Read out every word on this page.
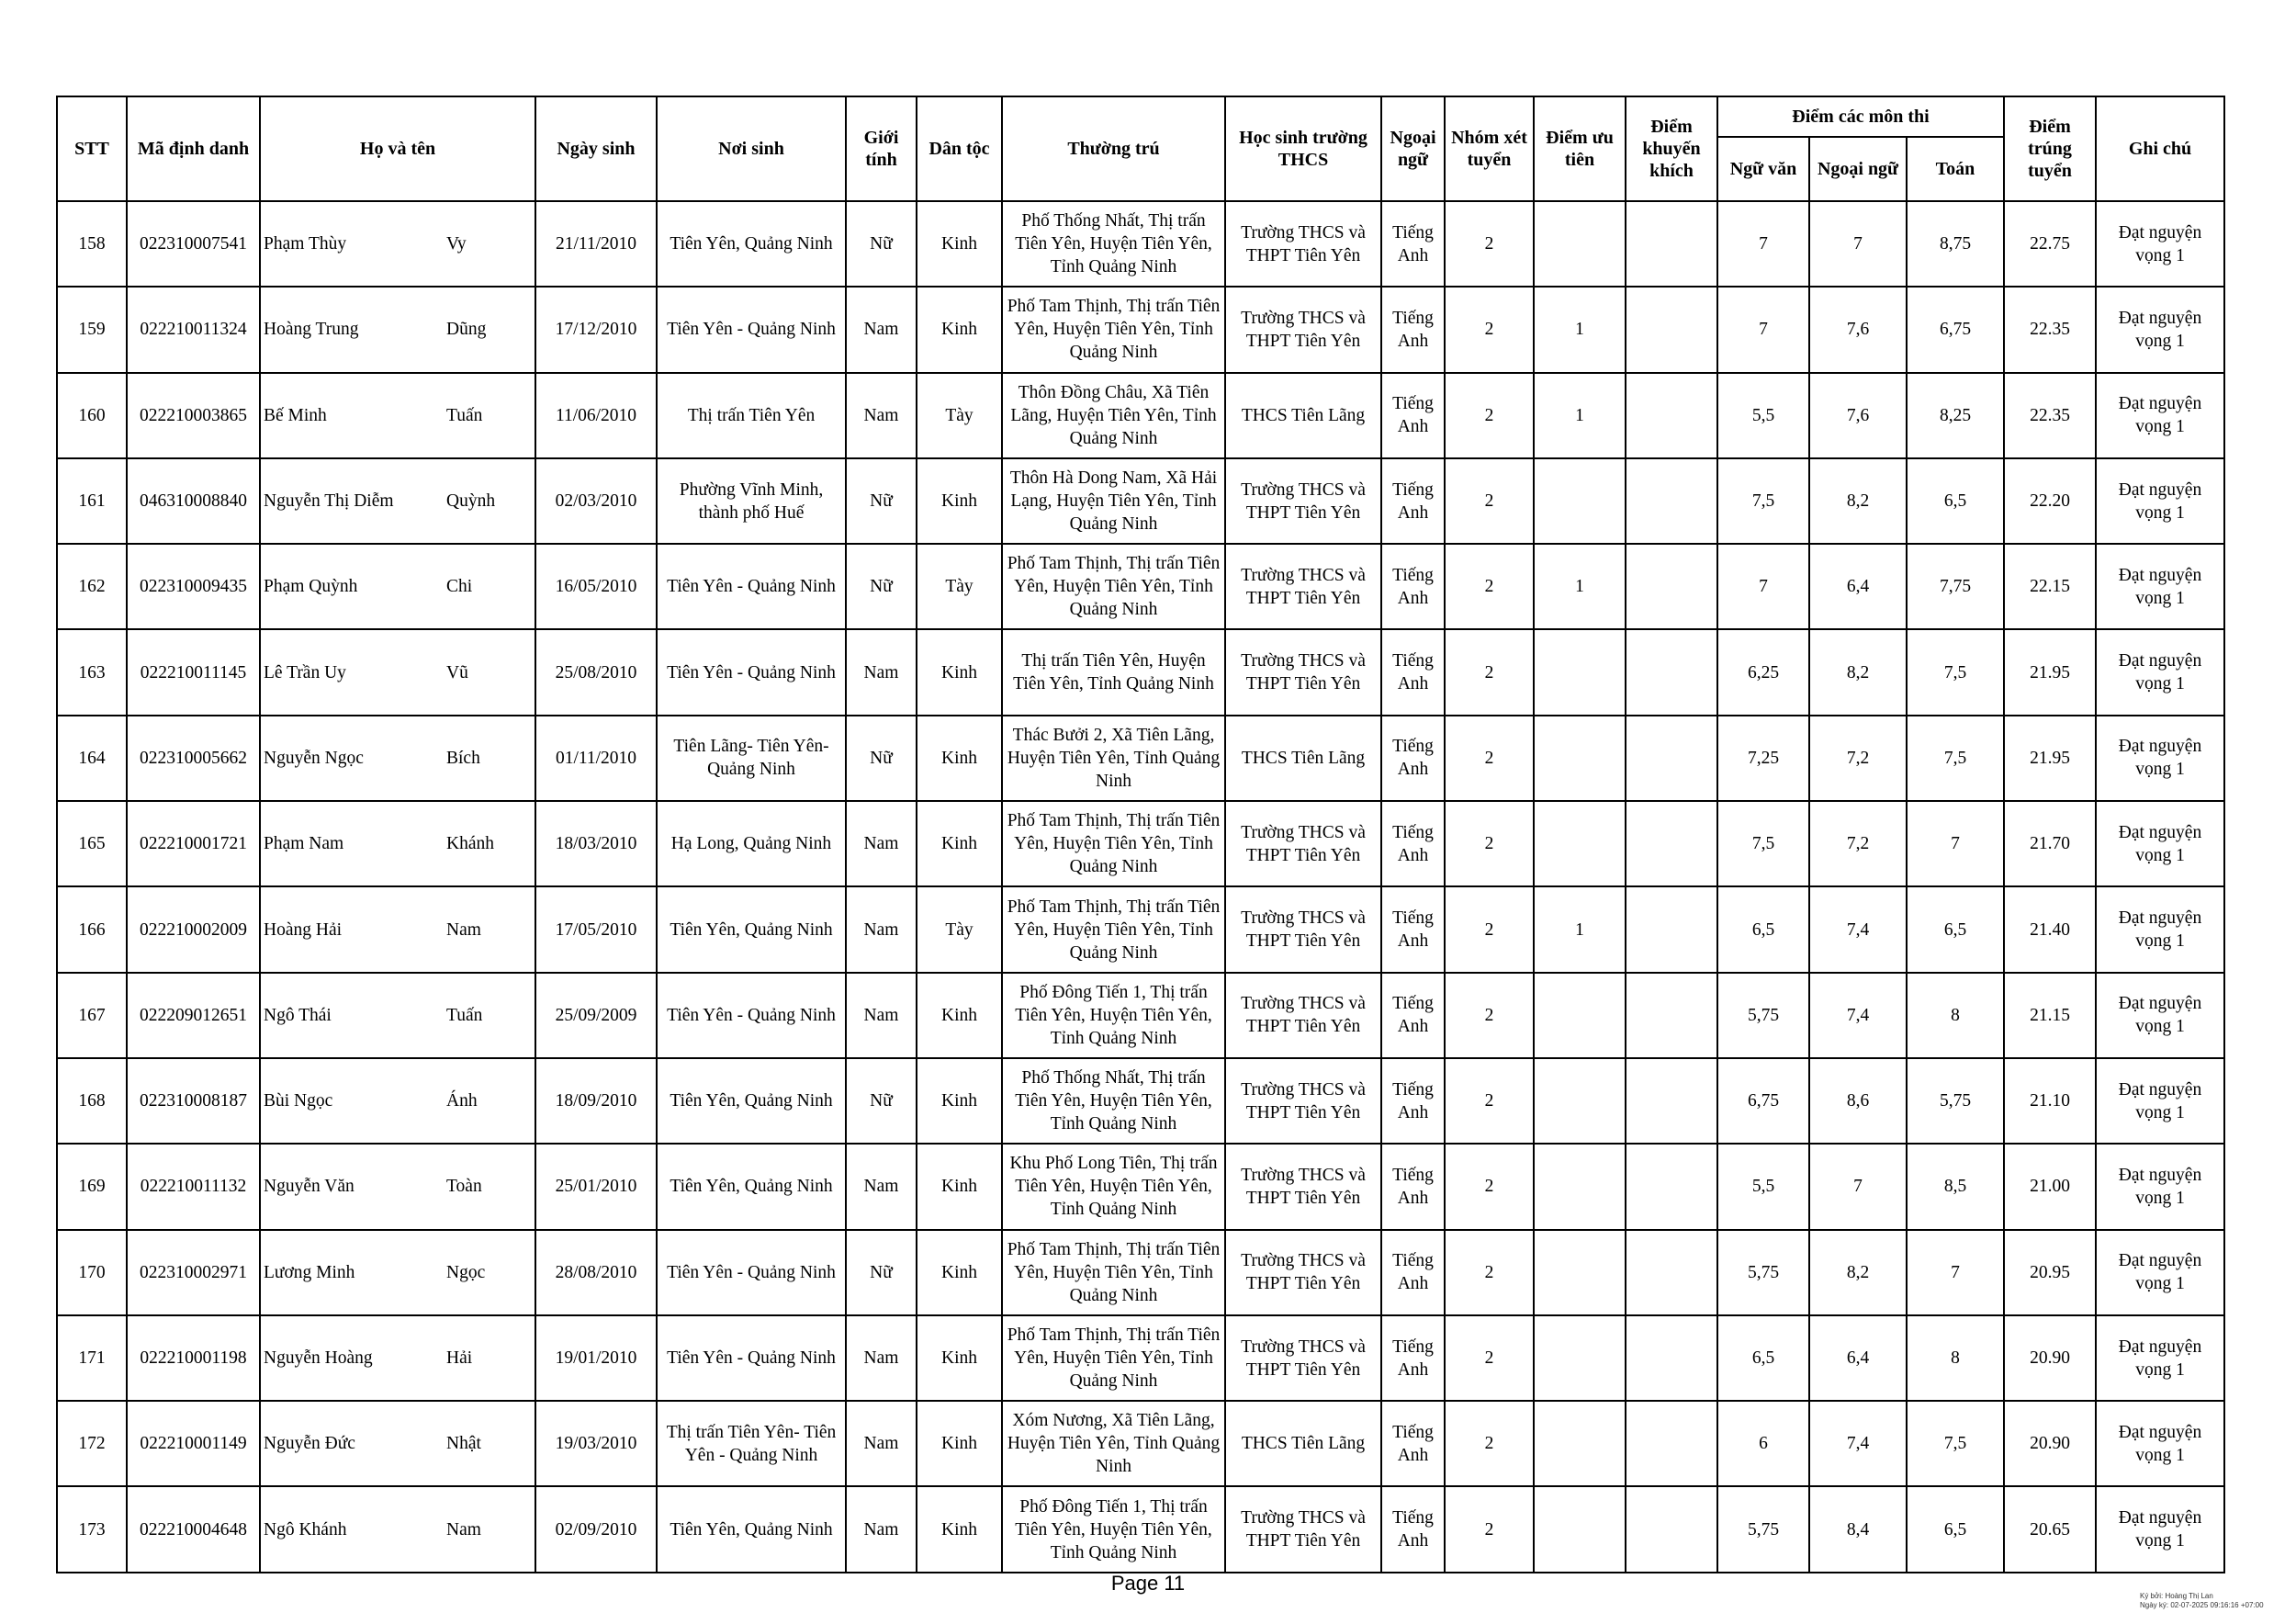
STT	Mã định danh	Họ và tên		Ngày sinh	Nơi sinh	Giới tính	Dân tộc	Thường trú	Học sinh trường THCS	Ngoại ngữ	Nhóm xét tuyển	Điểm ưu tiên	Điểm khuyến khích	Điểm các môn thi			Điểm trúng tuyển	Ghi chú
														Ngữ văn	Ngoại ngữ	Toán		
158	022310007541	Phạm Thùy	Vy	21/11/2010	Tiên Yên, Quảng Ninh	Nữ	Kinh	Phố Thống Nhất, Thị trấn Tiên Yên, Huyện Tiên Yên, Tỉnh Quảng Ninh	Trường THCS và THPT Tiên Yên	Tiếng Anh	2			7	7	8,75	22.75	Đạt nguyện vọng 1
159	022210011324	Hoàng Trung	Dũng	17/12/2010	Tiên Yên - Quảng Ninh	Nam	Kinh	Phố Tam Thịnh, Thị trấn Tiên Yên, Huyện Tiên Yên, Tỉnh Quảng Ninh	Trường THCS và THPT Tiên Yên	Tiếng Anh	2	1		7	7,6	6,75	22.35	Đạt nguyện vọng 1
160	022210003865	Bế Minh	Tuấn	11/06/2010	Thị trấn Tiên Yên	Nam	Tày	Thôn Đồng Châu, Xã Tiên Lãng, Huyện Tiên Yên, Tỉnh Quảng Ninh	THCS Tiên Lãng	Tiếng Anh	2	1		5,5	7,6	8,25	22.35	Đạt nguyện vọng 1
161	046310008840	Nguyễn Thị Diễm	Quỳnh	02/03/2010	Phường Vĩnh Minh, thành phố Huế	Nữ	Kinh	Thôn Hà Dong Nam, Xã Hải Lạng, Huyện Tiên Yên, Tỉnh Quảng Ninh	Trường THCS và THPT Tiên Yên	Tiếng Anh	2			7,5	8,2	6,5	22.20	Đạt nguyện vọng 1
162	022310009435	Phạm Quỳnh	Chi	16/05/2010	Tiên Yên - Quảng Ninh	Nữ	Tày	Phố Tam Thịnh, Thị trấn Tiên Yên, Huyện Tiên Yên, Tỉnh Quảng Ninh	Trường THCS và THPT Tiên Yên	Tiếng Anh	2	1		7	6,4	7,75	22.15	Đạt nguyện vọng 1
163	022210011145	Lê Trần Uy	Vũ	25/08/2010	Tiên Yên - Quảng Ninh	Nam	Kinh	Thị trấn Tiên Yên, Huyện Tiên Yên, Tỉnh Quảng Ninh	Trường THCS và THPT Tiên Yên	Tiếng Anh	2			6,25	8,2	7,5	21.95	Đạt nguyện vọng 1
164	022310005662	Nguyễn Ngọc	Bích	01/11/2010	Tiên Lãng- Tiên Yên- Quảng Ninh	Nữ	Kinh	Thác Bưởi 2, Xã Tiên Lãng, Huyện Tiên Yên, Tỉnh Quảng Ninh	THCS Tiên Lãng	Tiếng Anh	2			7,25	7,2	7,5	21.95	Đạt nguyện vọng 1
165	022210001721	Phạm Nam	Khánh	18/03/2010	Hạ Long, Quảng Ninh	Nam	Kinh	Phố Tam Thịnh, Thị trấn Tiên Yên, Huyện Tiên Yên, Tỉnh Quảng Ninh	Trường THCS và THPT Tiên Yên	Tiếng Anh	2			7,5	7,2	7	21.70	Đạt nguyện vọng 1
166	022210002009	Hoàng Hải	Nam	17/05/2010	Tiên Yên, Quảng Ninh	Nam	Tày	Phố Tam Thịnh, Thị trấn Tiên Yên, Huyện Tiên Yên, Tỉnh Quảng Ninh	Trường THCS và THPT Tiên Yên	Tiếng Anh	2	1		6,5	7,4	6,5	21.40	Đạt nguyện vọng 1
167	022209012651	Ngô Thái	Tuấn	25/09/2009	Tiên Yên - Quảng Ninh	Nam	Kinh	Phố Đông Tiến 1, Thị trấn Tiên Yên, Huyện Tiên Yên, Tỉnh Quảng Ninh	Trường THCS và THPT Tiên Yên	Tiếng Anh	2			5,75	7,4	8	21.15	Đạt nguyện vọng 1
168	022310008187	Bùi Ngọc	Ánh	18/09/2010	Tiên Yên, Quảng Ninh	Nữ	Kinh	Phố Thống Nhất, Thị trấn Tiên Yên, Huyện Tiên Yên, Tỉnh Quảng Ninh	Trường THCS và THPT Tiên Yên	Tiếng Anh	2			6,75	8,6	5,75	21.10	Đạt nguyện vọng 1
169	022210011132	Nguyễn Văn	Toàn	25/01/2010	Tiên Yên, Quảng Ninh	Nam	Kinh	Khu Phố Long Tiên, Thị trấn Tiên Yên, Huyện Tiên Yên, Tỉnh Quảng Ninh	Trường THCS và THPT Tiên Yên	Tiếng Anh	2			5,5	7	8,5	21.00	Đạt nguyện vọng 1
170	022310002971	Lương Minh	Ngọc	28/08/2010	Tiên Yên - Quảng Ninh	Nữ	Kinh	Phố Tam Thịnh, Thị trấn Tiên Yên, Huyện Tiên Yên, Tỉnh Quảng Ninh	Trường THCS và THPT Tiên Yên	Tiếng Anh	2			5,75	8,2	7	20.95	Đạt nguyện vọng 1
171	022210001198	Nguyễn Hoàng	Hải	19/01/2010	Tiên Yên - Quảng Ninh	Nam	Kinh	Phố Tam Thịnh, Thị trấn Tiên Yên, Huyện Tiên Yên, Tỉnh Quảng Ninh	Trường THCS và THPT Tiên Yên	Tiếng Anh	2			6,5	6,4	8	20.90	Đạt nguyện vọng 1
172	022210001149	Nguyễn Đức	Nhật	19/03/2010	Thị trấn Tiên Yên- Tiên Yên - Quảng Ninh	Nam	Kinh	Xóm Nương, Xã Tiên Lãng, Huyện Tiên Yên, Tỉnh Quảng Ninh	THCS Tiên Lãng	Tiếng Anh	2			6	7,4	7,5	20.90	Đạt nguyện vọng 1
173	022210004648	Ngô Khánh	Nam	02/09/2010	Tiên Yên, Quảng Ninh	Nam	Kinh	Phố Đông Tiến 1, Thị trấn Tiên Yên, Huyện Tiên Yên, Tỉnh Quảng Ninh	Trường THCS và THPT Tiên Yên	Tiếng Anh	2			5,75	8,4	6,5	20.65	Đạt nguyện vọng 1
Page 11
Ký bởi: Hoàng Thị Lan
Ngày ký: 02-07-2025 09:16:16 +07:00
